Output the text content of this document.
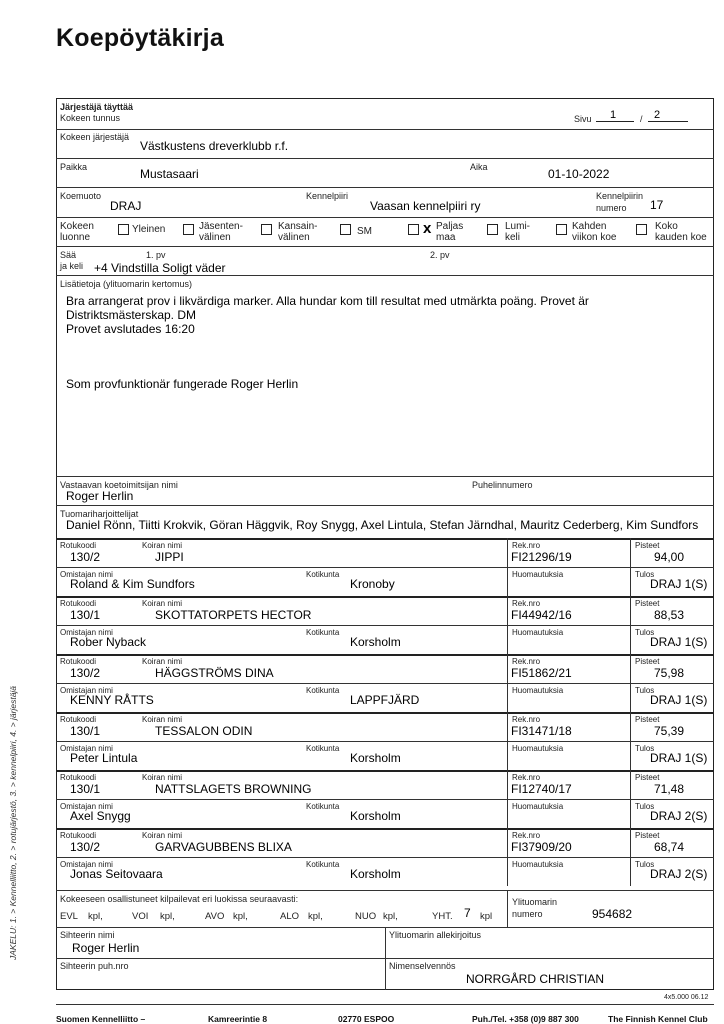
Koepöytäkirja
Järjestäjä täyttää
Kokeen tunnus	Sivu 1	/ 2
Kokeen järjestäjä
Västkustens dreverklubb r.f.
Paikka	Mustasaari	Aika	01-10-2022
Koemuoto
DRAJ
Kennelpiiri
Vaasan kennelpiiri ry
Kennelpiirin
numero 17
Kokeen
luonne
Yleinen	Jäsenten-
välinen
Kansain-
välinen
SM	x Paljas
maa
Lumi-
keli
Kahden
viikon koe
Koko
kauden koe
Sää
ja keli
1. pv	2. pv
+4 Vindstilla Soligt väder
Lisätietoja (ylituomarin kertomus)
Bra arrangerat prov i likvärdiga marker. Alla hundar kom till resultat med utmärkta poäng. Provet är
Distriktsmästerskap. DM
Provet avslutades 16:20
Som provfunktionär fungerade Roger Herlin
Vastaavan koetoimitsijan nimi
Roger Herlin
Puhelinnumero
Tuomariharjoittelijat
Daniel Rönn, Tiitti Krokvik, Göran Häggvik, Roy Snygg, Axel Lintula, Stefan Järndhal, Mauritz Cederberg, Kim Sundfors
Rotukoodi
130/2
Koiran nimi
JIPPI
Rek.nro
FI21296/19
Pisteet
94,00
Omistajan nimi
Roland & Kim Sundfors
Kotikunta
Kronoby
Huomautuksia	Tulos
DRAJ 1(S)
Rotukoodi
130/1
Koiran nimi
SKOTTATORPETS HECTOR
Rek.nro
FI44942/16
Pisteet
88,53
Omistajan nimi
Rober Nyback
Kotikunta
Korsholm
Huomautuksia	Tulos
DRAJ 1(S)
Rotukoodi
130/2
Koiran nimi
HÄGGSTRÖMS DINA
Rek.nro
FI51862/21
Pisteet
75,98
Omistajan nimi
KENNY RÅTTS
Kotikunta
LAPPFJÄRD
Huomautuksia	Tulos
DRAJ 1(S)
Rotukoodi
130/1
Koiran nimi
TESSALON ODIN
Rek.nro
FI31471/18
Pisteet
75,39
Omistajan nimi
Peter Lintula
Kotikunta
Korsholm
Huomautuksia	Tulos
DRAJ 1(S)
Rotukoodi
130/1
Koiran nimi
NATTSLAGETS BROWNING
Rek.nro
FI12740/17
Pisteet
71,48
Omistajan nimi
Axel Snygg
Kotikunta
Korsholm
Huomautuksia	Tulos
DRAJ 2(S)
Rotukoodi
130/2
Koiran nimi
GARVAGUBBENS BLIXA
Rek.nro
FI37909/20
Pisteet
68,74
Omistajan nimi
Jonas Seitovaara
Kotikunta
Korsholm
Huomautuksia	Tulos
DRAJ 2(S)
Kokeeseen osallistuneet kilpailevat eri luokissa seuraavasti:
EVL kpl,	VOI kpl,	AVO kpl,	ALO kpl,	NUO kpl,	YHT.	kpl
7
Ylituomarin
numero	954682
Sihteerin nimi
Roger Herlin
Ylituomarin allekirjoitus
Sihteerin puh.nro	Nimenselvennös
NORRGÅRD CHRISTIAN
4x5.000 06.12
JAKELU: 1. > Kennelliitto, 2. > rotujärjestö, 3. > kennelpiiri, 4. > järjestäjä
Suomen Kennelliitto –	Kamreerintie 8	02770 ESPOO	Puh./Tel. +358 (0)9 887 300	The Finnish Kennel Club
